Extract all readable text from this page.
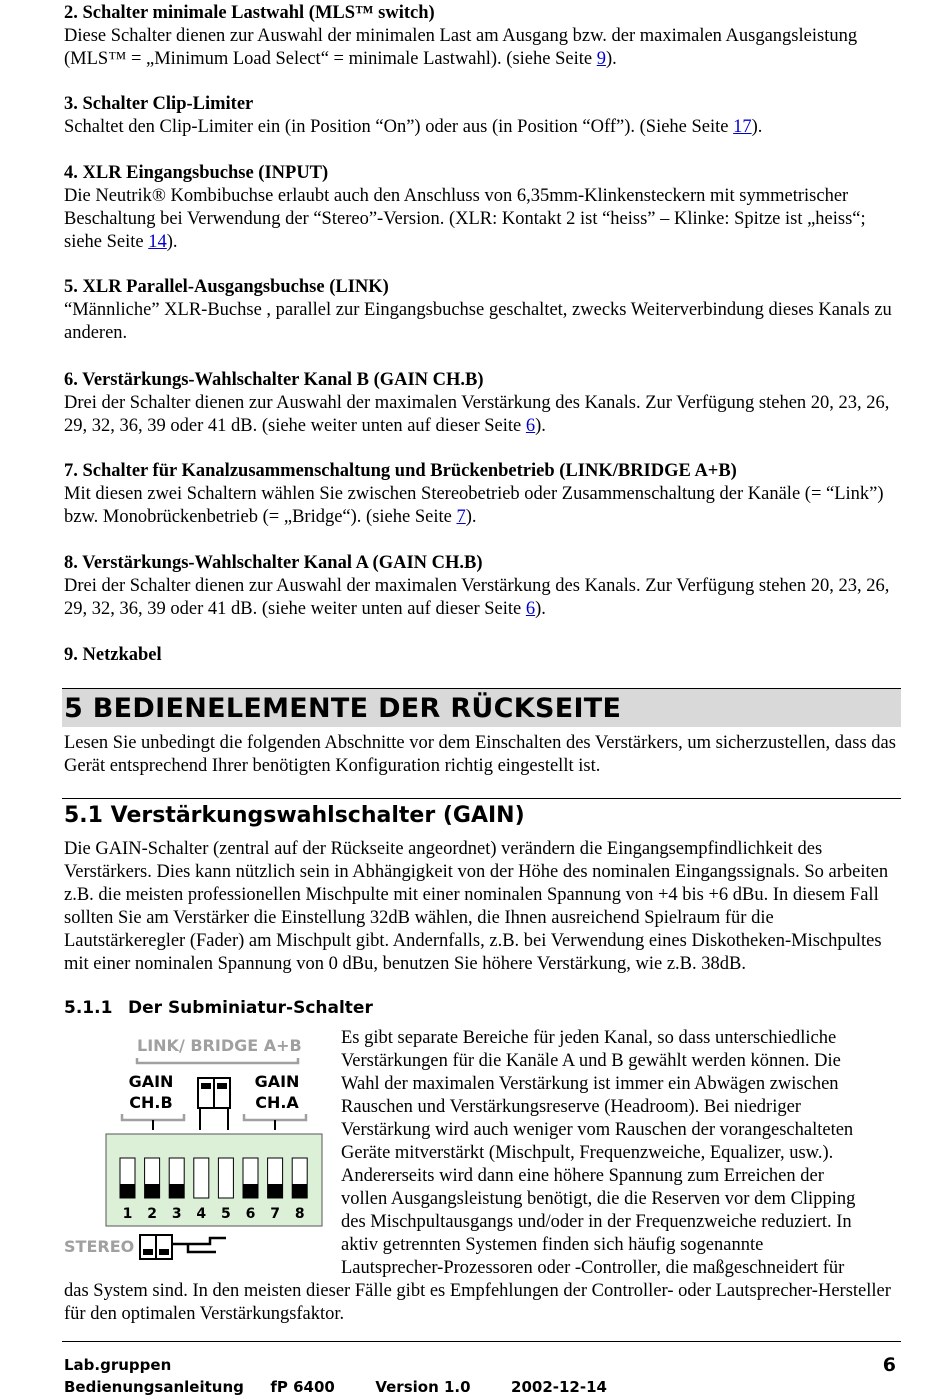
2. Schalter minimale Lastwahl (MLS™ switch)

Diese Schalter dienen zur Auswahl der minimalen Last am Ausgang bzw. der maximalen Ausgangsleistung (MLS™ = „Minimum Load Select“ = minimale Lastwahl). (siehe Seite 9).

3. Schalter Clip-Limiter

Schaltet den Clip-Limiter ein (in Position “On”) oder aus (in Position “Off”). (Siehe Seite 17).

4. XLR Eingangsbuchse (INPUT)

Die Neutrik® Kombibuchse erlaubt auch den Anschluss von 6,35mm-Klinkensteckern mit symmetrischer Beschaltung bei Verwendung der “Stereo”-Version. (XLR: Kontakt 2 ist “heiss” – Klinke: Spitze ist „heiss“; siehe Seite 14).

5. XLR Parallel-Ausgangsbuchse (LINK)

“Männliche” XLR-Buchse , parallel zur Eingangsbuchse geschaltet, zwecks Weiterverbindung dieses Kanals zu anderen.

6. Verstärkungs-Wahlschalter Kanal B (GAIN CH.B)

Drei der Schalter dienen zur Auswahl der maximalen Verstärkung des Kanals. Zur Verfügung stehen 20, 23, 26, 29, 32, 36, 39 oder 41 dB. (siehe weiter unten auf dieser Seite 6).

7. Schalter für Kanalzusammenschaltung und Brückenbetrieb (LINK/BRIDGE A+B)

Mit diesen zwei Schaltern wählen Sie zwischen Stereobetrieb oder Zusammenschaltung der Kanäle (= “Link”) bzw. Monobrückenbetrieb (= „Bridge“). (siehe Seite 7).

8. Verstärkungs-Wahlschalter Kanal A (GAIN CH.B)

Drei der Schalter dienen zur Auswahl der maximalen Verstärkung des Kanals. Zur Verfügung stehen 20, 23, 26, 29, 32, 36, 39 oder 41 dB. (siehe weiter unten auf dieser Seite 6).

9. Netzkabel

5 BEDIENELEMENTE DER RÜCKSEITE

Lesen Sie unbedingt die folgenden Abschnitte vor dem Einschalten des Verstärkers, um sicherzustellen, dass das Gerät entsprechend Ihrer benötigten Konfiguration richtig eingestellt ist.

5.1 Verstärkungswahlschalter (GAIN)

Die GAIN-Schalter (zentral auf der Rückseite angeordnet) verändern die Eingangsempfindlichkeit des Verstärkers. Dies kann nützlich sein in Abhängigkeit von der Höhe des nominalen Eingangssignals. So arbeiten z.B. die meisten professionellen Mischpulte mit einer nominalen Spannung von +4 bis +6 dBu. In diesem Fall sollten Sie am Verstärker die Einstellung 32dB wählen, die Ihnen ausreichend Spielraum für die Lautstärkeregler (Fader) am Mischpult gibt. Andernfalls, z.B. bei Verwendung eines Diskotheken-Mischpultes mit einer nominalen Spannung von 0 dBu, benutzen Sie höhere Verstärkung, wie z.B. 38dB.

5.1.1 Der Subminiatur-Schalter
LINK/ BRIDGE A+B
GAIN
CH.B
GAIN
CH.A
1 2 3 4 5 6 7 8
STEREO
Es gibt separate Bereiche für jeden Kanal, so dass unterschiedliche
Verstärkungen für die Kanäle A und B gewählt werden können. Die
Wahl der maximalen Verstärkung ist immer ein Abwägen zwischen
Rauschen und Verstärkungsreserve (Headroom). Bei niedriger
Verstärkung wird auch weniger vom Rauschen der vorangeschalteten
Geräte mitverstärkt (Mischpult, Frequenzweiche, Equalizer, usw.).
Andererseits wird dann eine höhere Spannung zum Erreichen der
vollen Ausgangsleistung benötigt, die die Reserven vor dem Clipping
des Mischpultausgangs und/oder in der Frequenzweiche reduziert. In
aktiv getrennten Systemen finden sich häufig sogenannte
Lautsprecher-Prozessoren oder -Controller, die maßgeschneidert für

das System sind. In den meisten dieser Fälle gibt es Empfehlungen der Controller- oder Lautsprecher-Hersteller für den optimalen Verstärkungsfaktor.

Lab.gruppen
Bedienungsanleitung fP 6400	Version 1.0	2002-12-14
6
